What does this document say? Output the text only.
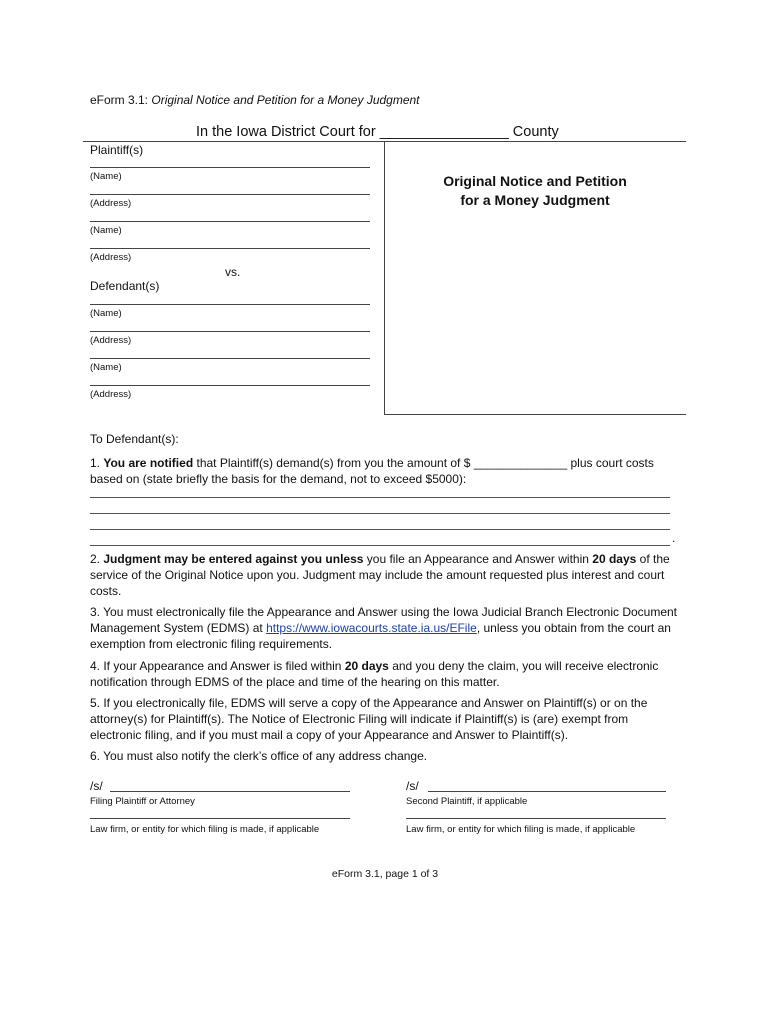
eForm 3.1: Original Notice and Petition for a Money Judgment
In the Iowa District Court for ________________ County
Plaintiff(s)
(Name)
(Address)
(Name)
(Address)
vs.
Defendant(s)
(Name)
(Address)
(Name)
(Address)
Original Notice and Petition
for a Money Judgment
To Defendant(s):
1. You are notified that Plaintiff(s) demand(s) from you the amount of $ ______________ plus court costs based on (state briefly the basis for the demand, not to exceed $5000):
.
2. Judgment may be entered against you unless you file an Appearance and Answer within 20 days of the service of the Original Notice upon you. Judgment may include the amount requested plus interest and court costs.
3. You must electronically file the Appearance and Answer using the Iowa Judicial Branch Electronic Document Management System (EDMS) at https://www.iowacourts.state.ia.us/EFile, unless you obtain from the court an exemption from electronic filing requirements.
4. If your Appearance and Answer is filed within 20 days and you deny the claim, you will receive electronic notification through EDMS of the place and time of the hearing on this matter.
5. If you electronically file, EDMS will serve a copy of the Appearance and Answer on Plaintiff(s) or on the attorney(s) for Plaintiff(s). The Notice of Electronic Filing will indicate if Plaintiff(s) is (are) exempt from electronic filing, and if you must mail a copy of your Appearance and Answer to Plaintiff(s).
6. You must also notify the clerk’s office of any address change.
/s/
Filing Plaintiff or Attorney
Law firm, or entity for which filing is made, if applicable
/s/
Second Plaintiff, if applicable
Law firm, or entity for which filing is made, if applicable
eForm 3.1, page 1 of 3
